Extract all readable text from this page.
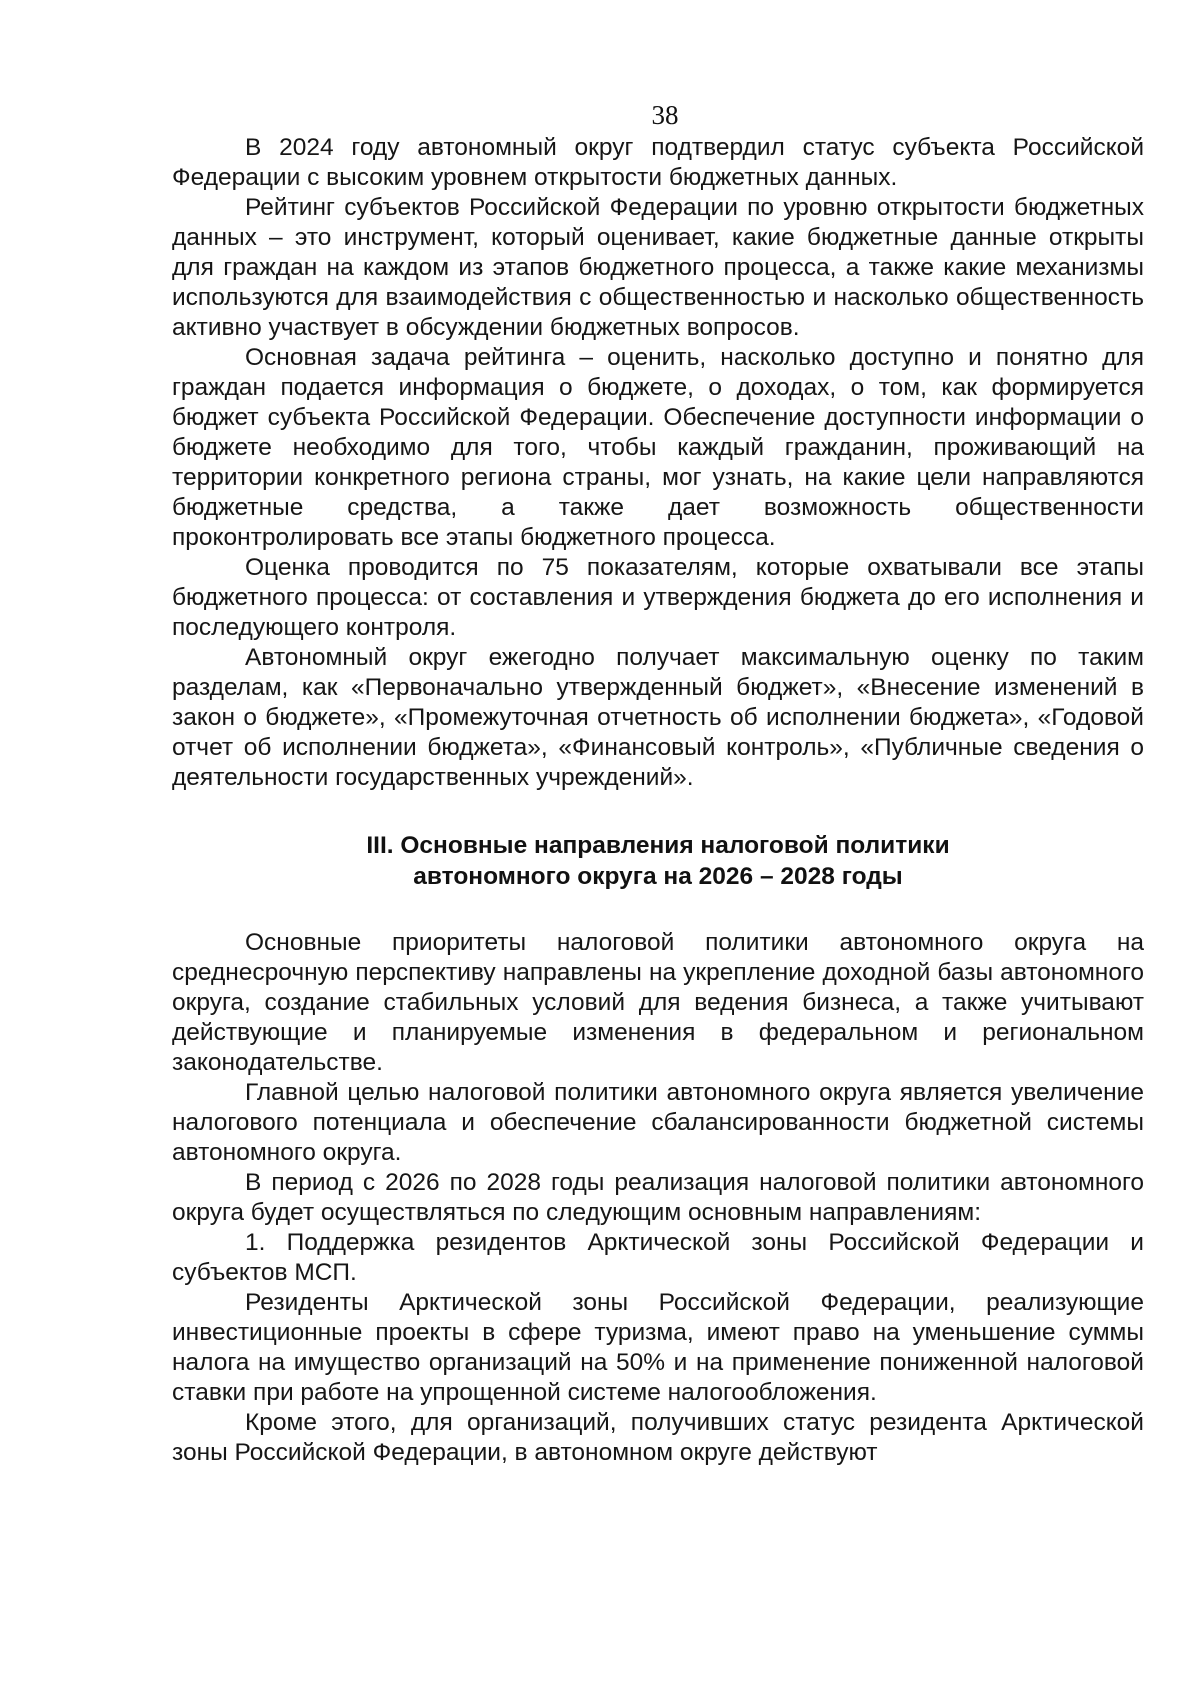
38

В 2024 году автономный округ подтвердил статус субъекта Российской Федерации с высоким уровнем открытости бюджетных данных.

Рейтинг субъектов Российской Федерации по уровню открытости бюджетных данных – это инструмент, который оценивает, какие бюджетные данные открыты для граждан на каждом из этапов бюджетного процесса, а также какие механизмы используются для взаимодействия с общественностью и насколько общественность активно участвует в обсуждении бюджетных вопросов.

Основная задача рейтинга – оценить, насколько доступно и понятно для граждан подается информация о бюджете, о доходах, о том, как формируется бюджет субъекта Российской Федерации. Обеспечение доступности информации о бюджете необходимо для того, чтобы каждый гражданин, проживающий на территории конкретного региона страны, мог узнать, на какие цели направляются бюджетные средства, а также дает возможность общественности проконтролировать все этапы бюджетного процесса.

Оценка проводится по 75 показателям, которые охватывали все этапы бюджетного процесса: от составления и утверждения бюджета до его исполнения и последующего контроля.

Автономный округ ежегодно получает максимальную оценку по таким разделам, как «Первоначально утвержденный бюджет», «Внесение изменений в закон о бюджете», «Промежуточная отчетность об исполнении бюджета», «Годовой отчет об исполнении бюджета», «Финансовый контроль», «Публичные сведения о деятельности государственных учреждений».

III. Основные направления налоговой политики
автономного округа на 2026 – 2028 годы

Основные приоритеты налоговой политики автономного округа на среднесрочную перспективу направлены на укрепление доходной базы автономного округа, создание стабильных условий для ведения бизнеса, а также учитывают действующие и планируемые изменения в федеральном и региональном законодательстве.

Главной целью налоговой политики автономного округа является увеличение налогового потенциала и обеспечение сбалансированности бюджетной системы автономного округа.

В период с 2026 по 2028 годы реализация налоговой политики автономного округа будет осуществляться по следующим основным направлениям:

1. Поддержка резидентов Арктической зоны Российской Федерации и субъектов МСП.

Резиденты Арктической зоны Российской Федерации, реализующие инвестиционные проекты в сфере туризма, имеют право на уменьшение суммы налога на имущество организаций на 50% и на применение пониженной налоговой ставки при работе на упрощенной системе налогообложения.

Кроме этого, для организаций, получивших статус резидента Арктической зоны Российской Федерации, в автономном округе действуют
